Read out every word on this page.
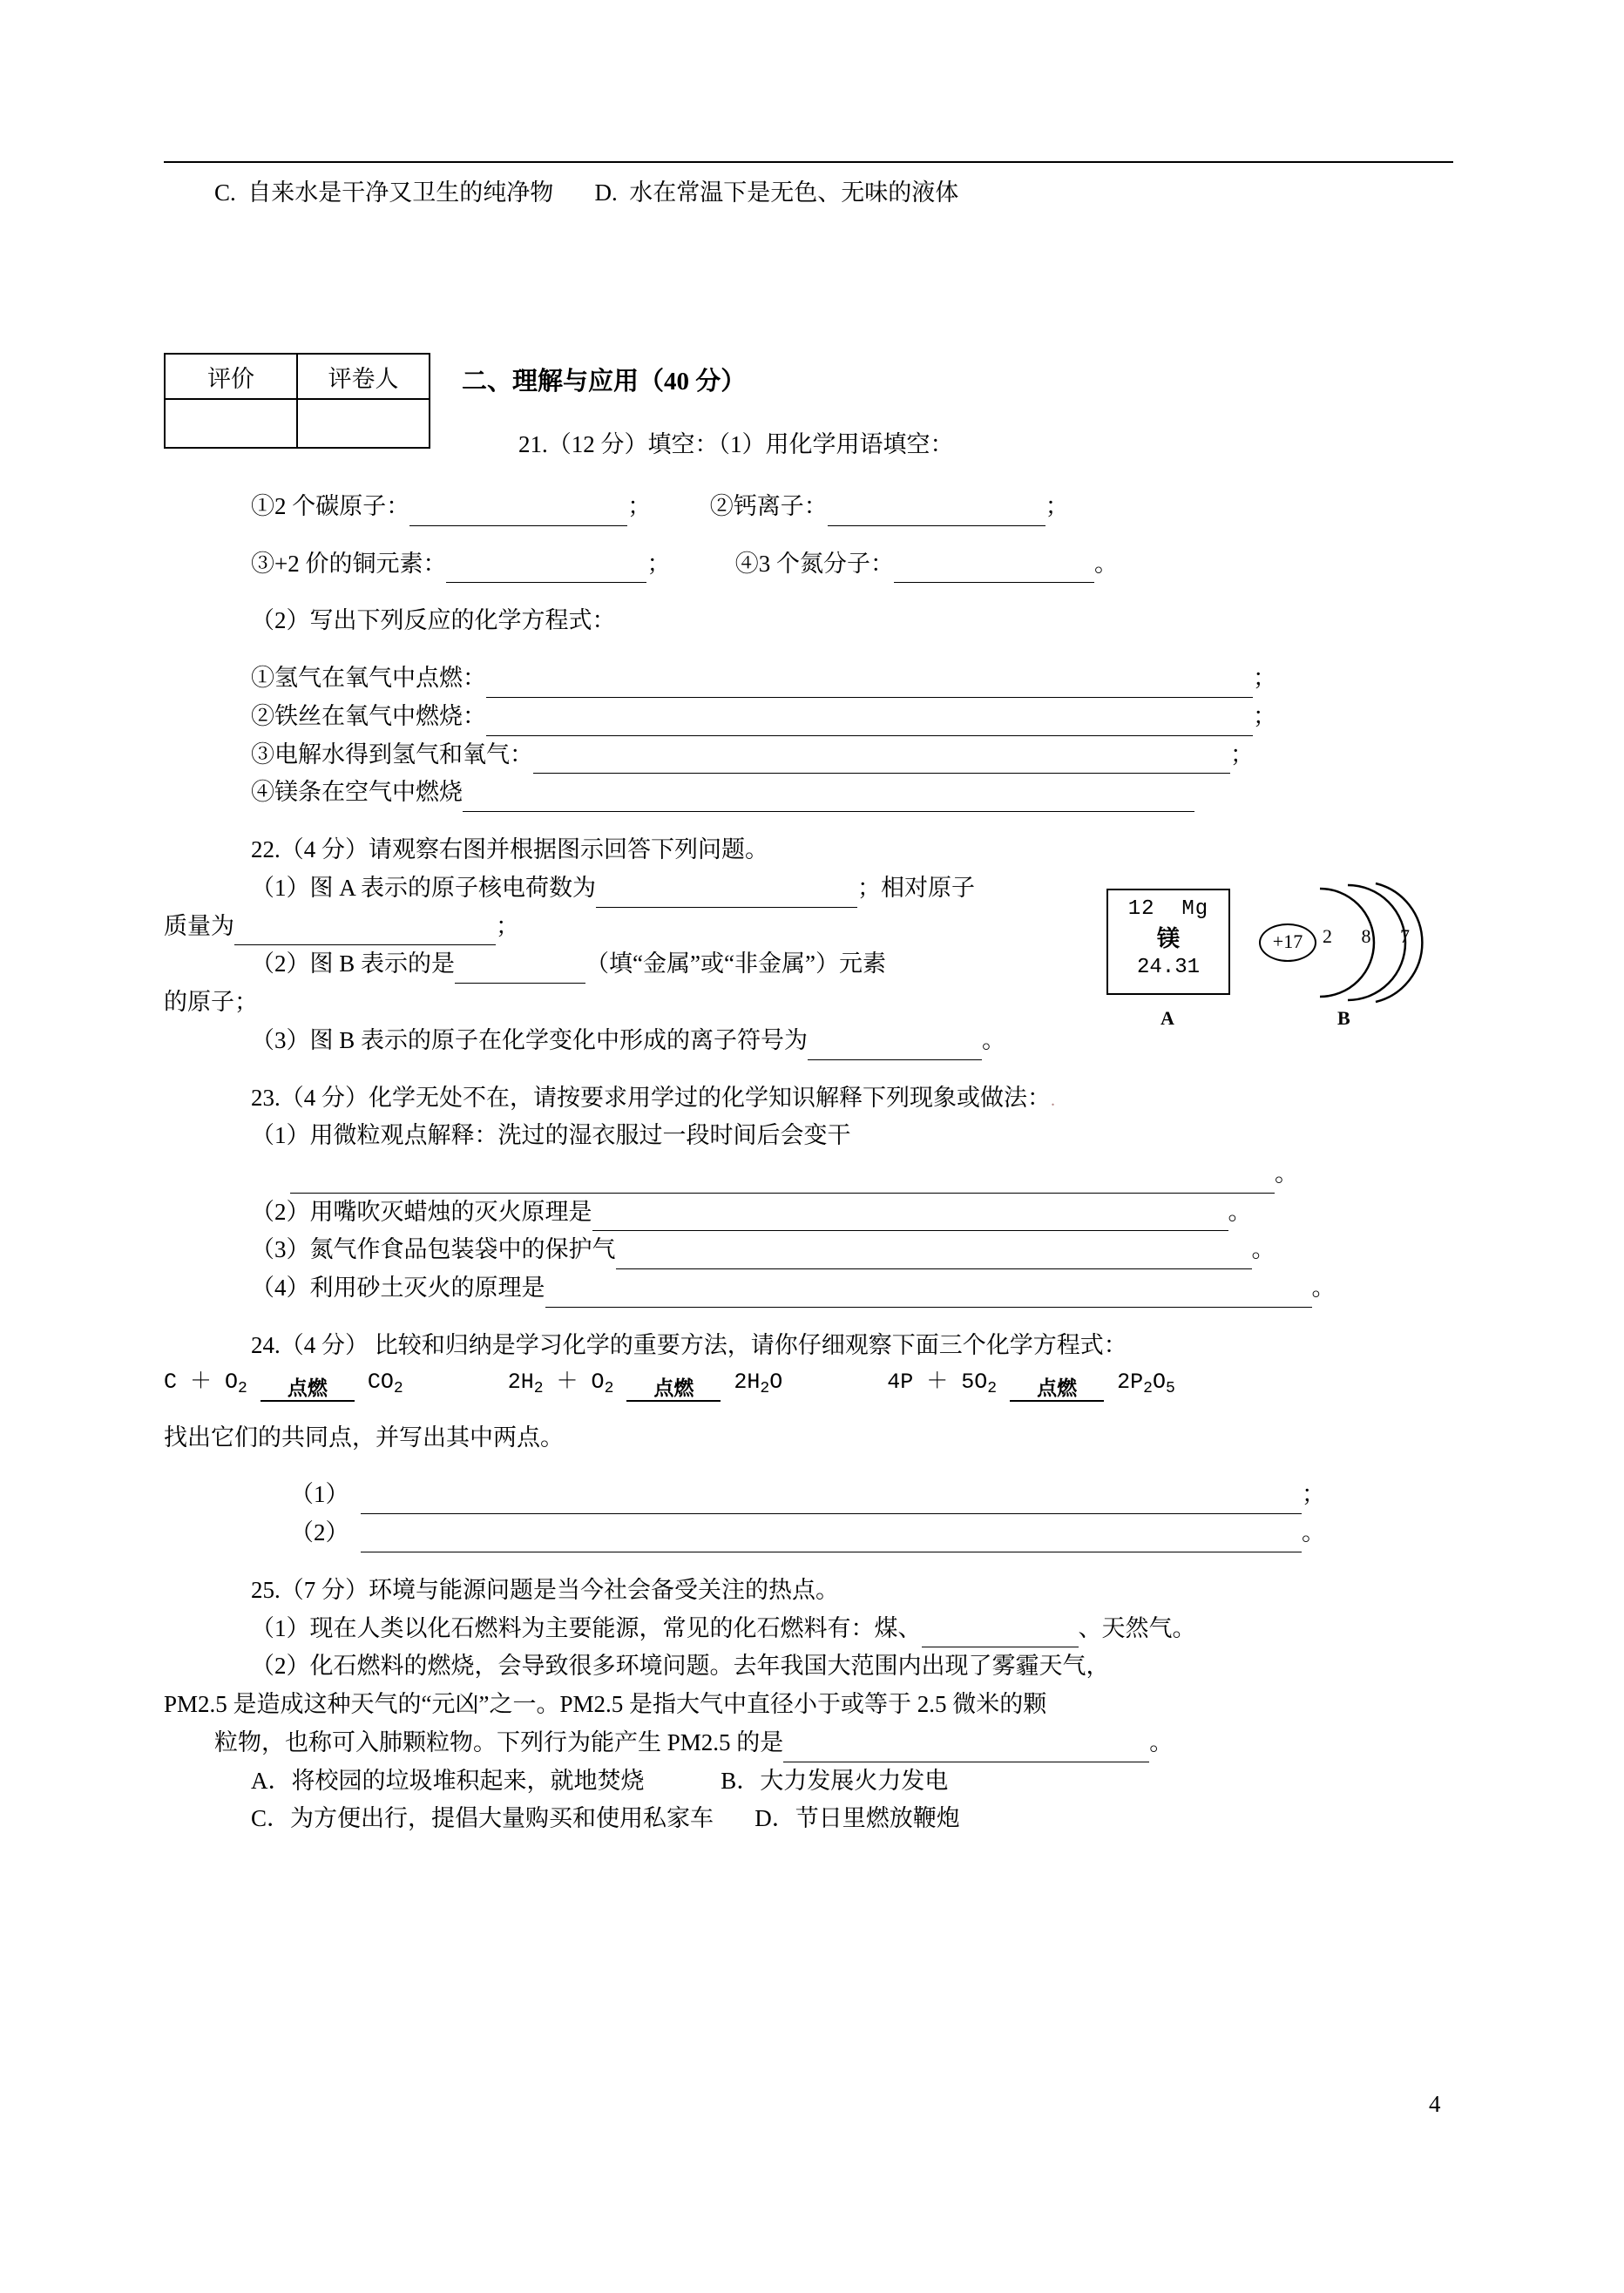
C. 自来水是干净又卫生的纯净物 D. 水在常温下是无色、无味的液体
评价	评卷人
		二、理解与应用（40 分）
21.（12 分）填空：（1）用化学用语填空：
①2 个碳原子：	；	②钙离子：	；
③+2 价的铜元素：	；	④3 个氮分子：	。
（2）写出下列反应的化学方程式：
①氢气在氧气中点燃：	；
②铁丝在氧气中燃烧：	；
③电解水得到氢气和氧气：	；
④镁条在空气中燃烧
22.（4 分）请观察右图并根据图示回答下列问题。
（1）图 A 表示的原子核电荷数为	；相对原子
质量为	；
（2）图 B 表示的是	（填“金属”或“非金属”）元素
的原子；
（3）图 B 表示的原子在化学变化中形成的离子符号为	。
23.（4 分）化学无处不在，请按要求用学过的化学知识解释下列现象或做法：.
（1）用微粒观点解释：洗过的湿衣服过一段时间后会变干
。
（2）用嘴吹灭蜡烛的灭火原理是	。
（3）氮气作食品包装袋中的保护气	。
（4）利用砂土灭火的原理是	。
24.（4 分） 比较和归纳是学习化学的重要方法，请你仔细观察下面三个化学方程式：
$C + O_2$	点燃	$CO_2$	$2H_2 + O_2$	点燃	$2H_2O$	$4P + 5O_2$	点燃	$2P_2O_5$
找出它们的共同点，并写出其中两点。
（1）	；
（2）	。
25.（7 分）环境与能源问题是当今社会备受关注的热点。
（1）现在人类以化石燃料为主要能源，常见的化石燃料有：煤、	、天然气。
（2）化石燃料的燃烧，会导致很多环境问题。去年我国大范围内出现了雾霾天气，
PM2.5 是造成这种天气的“元凶”之一。PM2.5 是指大气中直径小于或等于 2.5 微米的颗
粒物，也称可入肺颗粒物。下列行为能产生 PM2.5 的是	。
A．将校园的垃圾堆积起来，就地焚烧	B．大力发展火力发电
C．为方便出行，提倡大量购买和使用私家车 D．节日里燃放鞭炮
12 Mg
镁
24.31
A	B
+17	2 8 7
4
